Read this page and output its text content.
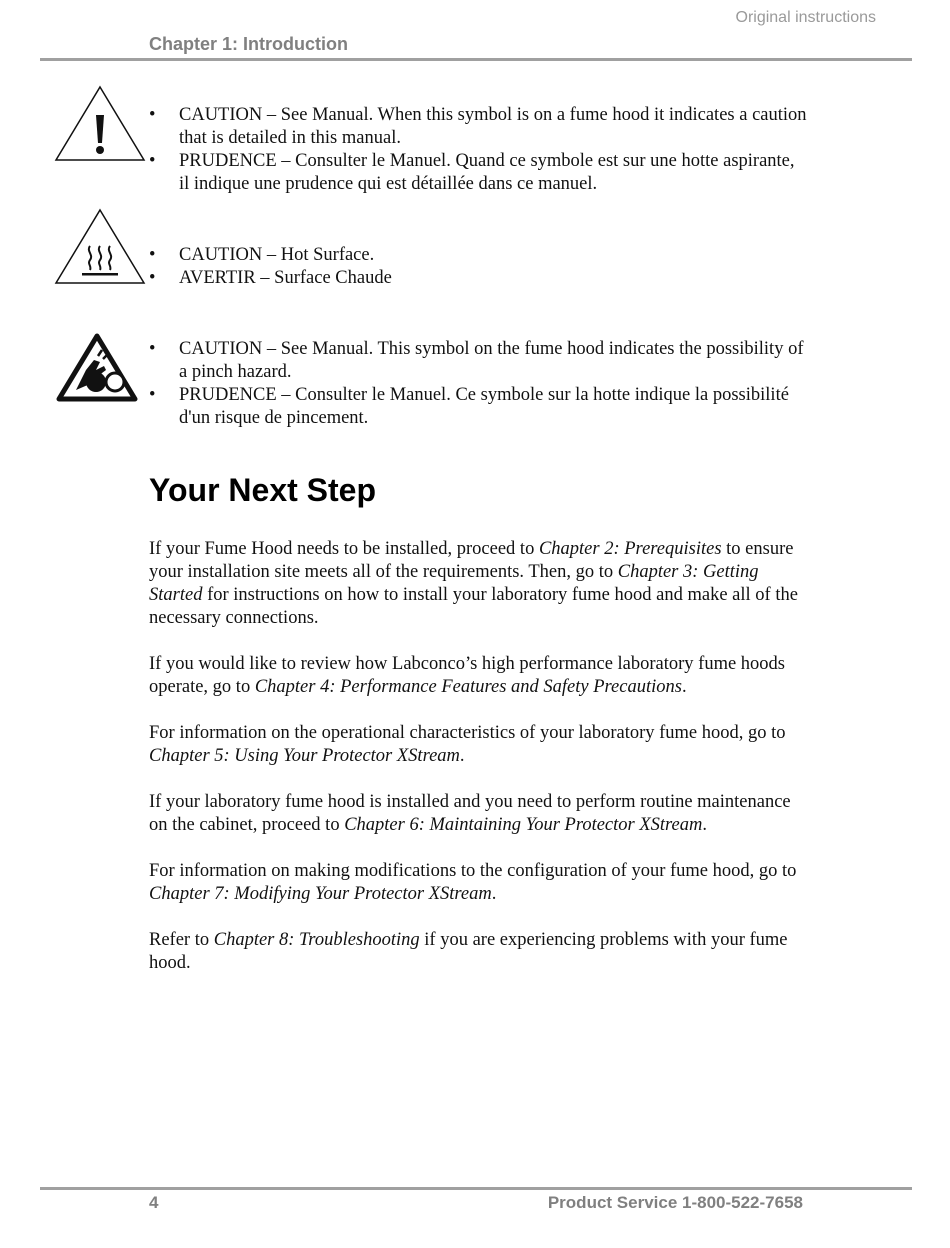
Original instructions
Chapter 1: Introduction
• CAUTION – See Manual. When this symbol is on a fume hood it indicates a caution that is detailed in this manual.
• PRUDENCE – Consulter le Manuel. Quand ce symbole est sur une hotte aspirante, il indique une prudence qui est détaillée dans ce manuel.
• CAUTION – Hot Surface.
• AVERTIR – Surface Chaude
• CAUTION – See Manual. This symbol on the fume hood indicates the possibility of a pinch hazard.
• PRUDENCE – Consulter le Manuel. Ce symbole sur la hotte indique la possibilité d'un risque de pincement.
Your Next Step

If your Fume Hood needs to be installed, proceed to Chapter 2: Prerequisites to ensure your installation site meets all of the requirements. Then, go to Chapter 3: Getting Started for instructions on how to install your laboratory fume hood and make all of the necessary connections.

If you would like to review how Labconco’s high performance laboratory fume hoods operate, go to Chapter 4: Performance Features and Safety Precautions.

For information on the operational characteristics of your laboratory fume hood, go to Chapter 5: Using Your Protector XStream.

If your laboratory fume hood is installed and you need to perform routine maintenance on the cabinet, proceed to Chapter 6: Maintaining Your Protector XStream.

For information on making modifications to the configuration of your fume hood, go to Chapter 7: Modifying Your Protector XStream.

Refer to Chapter 8: Troubleshooting if you are experiencing problems with your fume hood.

4	Product Service 1-800-522-7658
